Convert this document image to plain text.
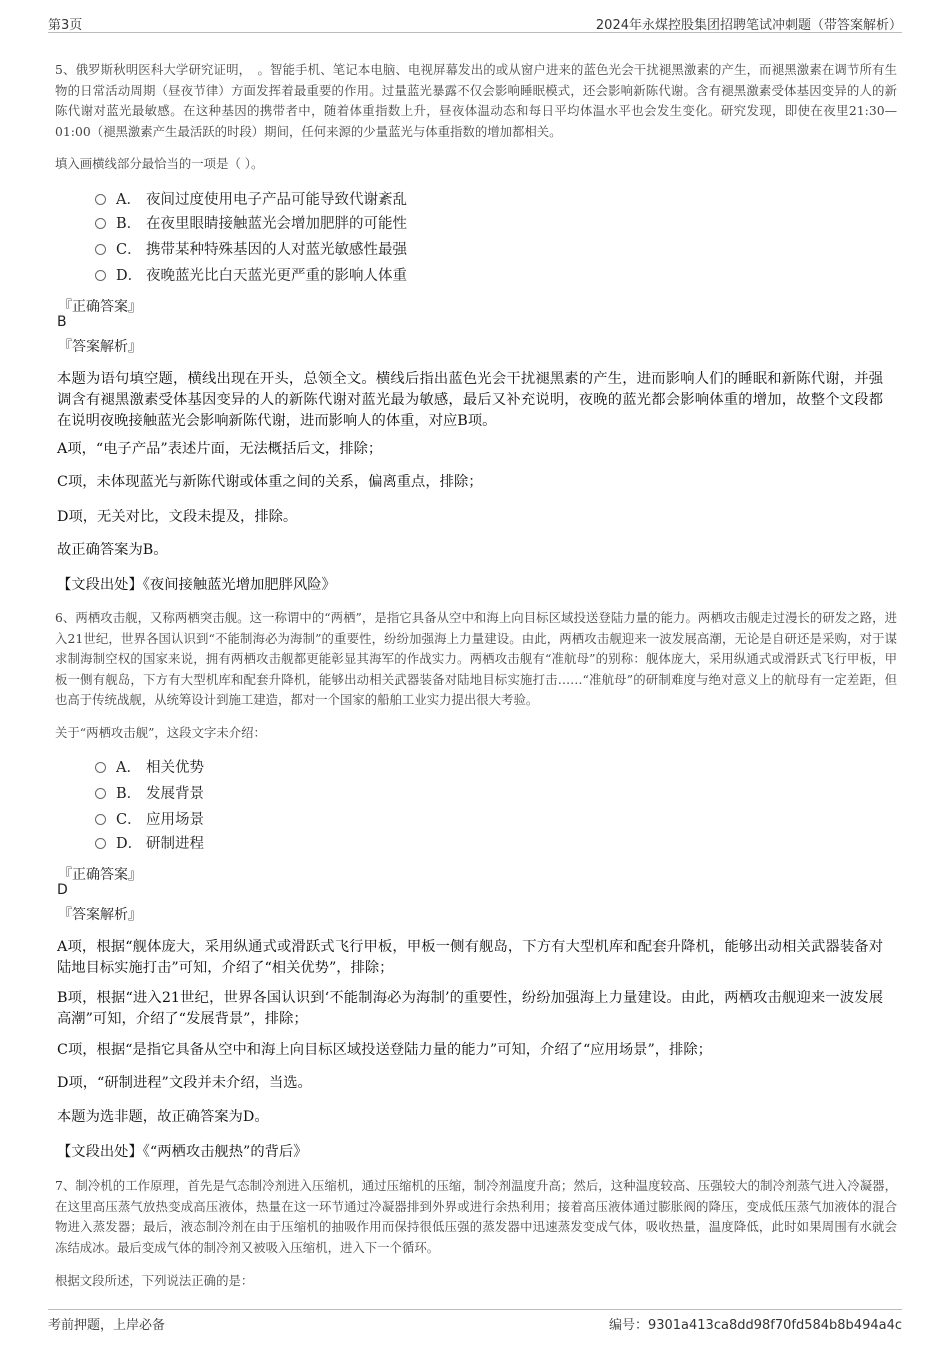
第3页	2024年永煤控股集团招聘笔试冲刺题（带答案解析）
5、俄罗斯秋明医科大学研究证明，　。智能手机、笔记本电脑、电视屏幕发出的或从窗户进来的蓝色光会干扰褪黑激素的产生，而褪黑激素在调节所有生物的日常活动周期（昼夜节律）方面发挥着最重要的作用。过量蓝光暴露不仅会影响睡眠模式，还会影响新陈代谢。含有褪黑激素受体基因变异的人的新陈代谢对蓝光最敏感。在这种基因的携带者中，随着体重指数上升，昼夜体温动态和每日平均体温水平也会发生变化。研究发现，即使在夜里21:30—01:00（褪黑激素产生最活跃的时段）期间，任何来源的少量蓝光与体重指数的增加都相关。
填入画横线部分最恰当的一项是（ ）。
A． 夜间过度使用电子产品可能导致代谢紊乱
B． 在夜里眼睛接触蓝光会增加肥胖的可能性
C． 携带某种特殊基因的人对蓝光敏感性最强
D． 夜晚蓝光比白天蓝光更严重的影响人体重
『正确答案』
B
『答案解析』
本题为语句填空题，横线出现在开头，总领全文。横线后指出蓝色光会干扰褪黑素的产生，进而影响人们的睡眠和新陈代谢，并强调含有褪黑激素受体基因变异的人的新陈代谢对蓝光最为敏感，最后又补充说明，夜晚的蓝光都会影响体重的增加，故整个文段都在说明夜晚接触蓝光会影响新陈代谢，进而影响人的体重，对应B项。
A项，“电子产品”表述片面，无法概括后文，排除；
C项，未体现蓝光与新陈代谢或体重之间的关系，偏离重点，排除；
D项，无关对比，文段未提及，排除。
故正确答案为B。
【文段出处】《夜间接触蓝光增加肥胖风险》
6、两栖攻击舰，又称两栖突击舰。这一称谓中的“两栖”，是指它具备从空中和海上向目标区域投送登陆力量的能力。两栖攻击舰走过漫长的研发之路，进入21世纪，世界各国认识到“不能制海必为海制”的重要性，纷纷加强海上力量建设。由此，两栖攻击舰迎来一波发展高潮，无论是自研还是采购，对于谋求制海制空权的国家来说，拥有两栖攻击舰都更能彰显其海军的作战实力。两栖攻击舰有“准航母”的别称：舰体庞大，采用纵通式或滑跃式飞行甲板，甲板一侧有舰岛，下方有大型机库和配套升降机，能够出动相关武器装备对陆地目标实施打击……“准航母”的研制难度与绝对意义上的航母有一定差距，但也高于传统战舰，从统筹设计到施工建造，都对一个国家的船舶工业实力提出很大考验。
关于“两栖攻击舰”，这段文字未介绍：
A． 相关优势
B． 发展背景
C． 应用场景
D． 研制进程
『正确答案』
D
『答案解析』
A项，根据“舰体庞大，采用纵通式或滑跃式飞行甲板，甲板一侧有舰岛，下方有大型机库和配套升降机，能够出动相关武器装备对陆地目标实施打击”可知，介绍了“相关优势”，排除；
B项，根据“进入21世纪，世界各国认识到‘不能制海必为海制’的重要性，纷纷加强海上力量建设。由此，两栖攻击舰迎来一波发展高潮”可知，介绍了“发展背景”，排除；
C项，根据“是指它具备从空中和海上向目标区域投送登陆力量的能力”可知，介绍了“应用场景”，排除；
D项，“研制进程”文段并未介绍，当选。
本题为选非题，故正确答案为D。
【文段出处】《“两栖攻击舰热”的背后》
7、制冷机的工作原理，首先是气态制冷剂进入压缩机，通过压缩机的压缩，制冷剂温度升高；然后，这种温度较高、压强较大的制冷剂蒸气进入冷凝器，在这里高压蒸气放热变成高压液体，热量在这一环节通过冷凝器排到外界或进行余热利用；接着高压液体通过膨胀阀的降压，变成低压蒸气加液体的混合物进入蒸发器；最后，液态制冷剂在由于压缩机的抽吸作用而保持很低压强的蒸发器中迅速蒸发变成气体，吸收热量，温度降低，此时如果周围有水就会冻结成冰。最后变成气体的制冷剂又被吸入压缩机，进入下一个循环。
根据文段所述，下列说法正确的是：
考前押题，上岸必备	编号：9301a413ca8dd98f70fd584b8b494a4c
